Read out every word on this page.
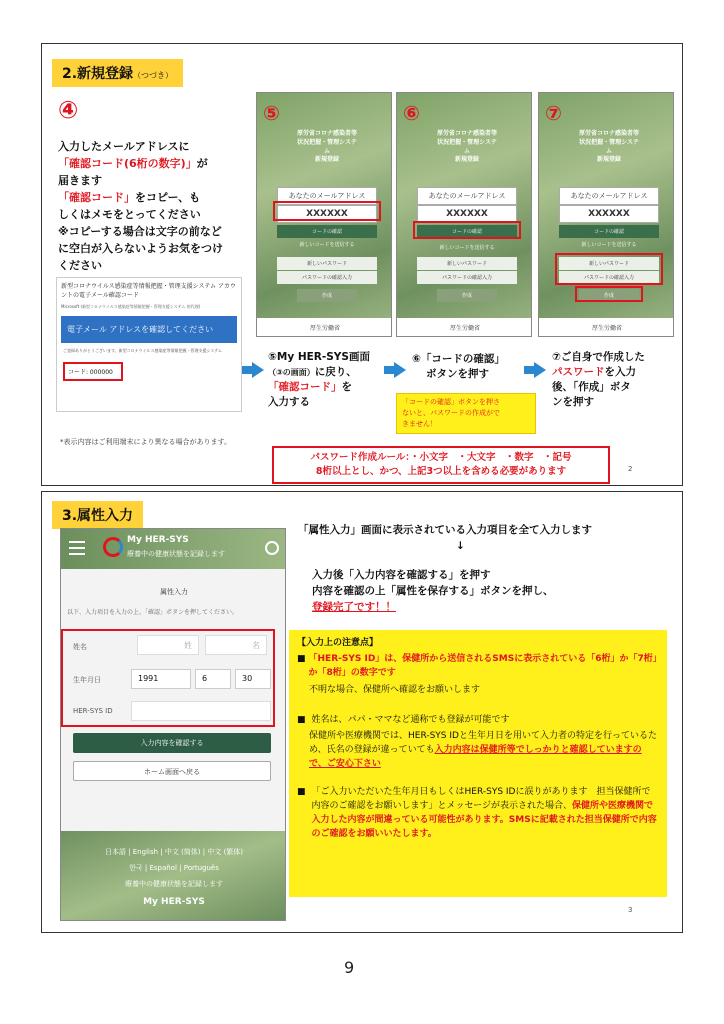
2.新規登録（つづき）
④
入力したメールアドレスに
「確認コード(6桁の数字)」が
届きます
「確認コード」をコピー、も
しくはメモをとってください
※コピーする場合は文字の前など
に空白が入らないようお気をつけ
ください
新型コロナウイルス感染症等情報把握・管理支援システム アカウントの電子メール確認コード
Microsoft (新型コロナウイルス感染症等情報把握・管理支援システム 的代理)
電子メール アドレスを確認してください
ご登録ありがとうございます。新型コロナウイルス感染症等情報把握・管理支援システム
コード: 000000
*表示内容はご利用端末により異なる場合があります。
⑤
厚労省コロナ感染者等状況把握・管理システム
新規登録
あなたのメールアドレス
XXXXXX
コードの確認
新しいコードを送信する
新しいパスワード
パスワードの確認入力
作成
厚生労働省
⑥
厚労省コロナ感染者等状況把握・管理システム
新規登録
あなたのメールアドレス
XXXXXX
コードの確認
新しいコードを送信する
新しいパスワード
パスワードの確認入力
作成
厚生労働省
⑦
厚労省コロナ感染者等状況把握・管理システム
新規登録
あなたのメールアドレス
XXXXXX
コードの確認
新しいコードを送信する
新しいパスワード
パスワードの確認入力
作成
厚生労働省
⑤My HER-SYS画面
（③の画面）に戻り、
「確認コード」を
入力する
⑥「コードの確認」
ボタンを押す
「コードの確認」ボタンを押さ
ないと、パスワードの作成がで
きません！
⑦ご自身で作成した
パスワードを入力
後、「作成」ボタ
ンを押す
パスワード作成ルール：・小文字　・大文字　・数字　・記号
8桁以上とし、かつ、上記3つ以上を含める必要があります	2
3.属性入力
My HER-SYS
療養中の健康状態を記録します
属性入力
以下、入力項目を入力の上、「確認」ボタンを押してください。
姓名	姓	名
生年月日	1991	6	30
HER-SYS ID
入力内容を確認する
ホーム画面へ戻る
日本語 | English | 中文 (简体) | 中文 (繁体)
한국 | Español | Português
療養中の健康状態を記録します
My HER-SYS
「属性入力」画面に表示されている入力項目を全て入力します
↓
入力後「入力内容を確認する」を押す
内容を確認の上「属性を保存する」ボタンを押し、
登録完了です！！
【入力上の注意点】
■ 「HER-SYS ID」は、保健所から送信されるSMSに表示されている「6桁」か「7桁」か「8桁」の数字です
不明な場合、保健所へ確認をお願いします
■ 姓名は、パパ・ママなど通称でも登録が可能です
保健所や医療機関では、HER-SYS IDと生年月日を用いて入力者の特定を行っているため、氏名の登録が違っていても入力内容は保健所等でしっかりと確認していますので、ご安心下さい
■ 「ご入力いただいた生年月日もしくはHER-SYS IDに誤りがあります　担当保健所で内容のご確認をお願いします」とメッセージが表示された場合、保健所や医療機関で入力した内容が間違っている可能性があります。SMSに記載された担当保健所で内容のご確認をお願いいたします。
3
9
